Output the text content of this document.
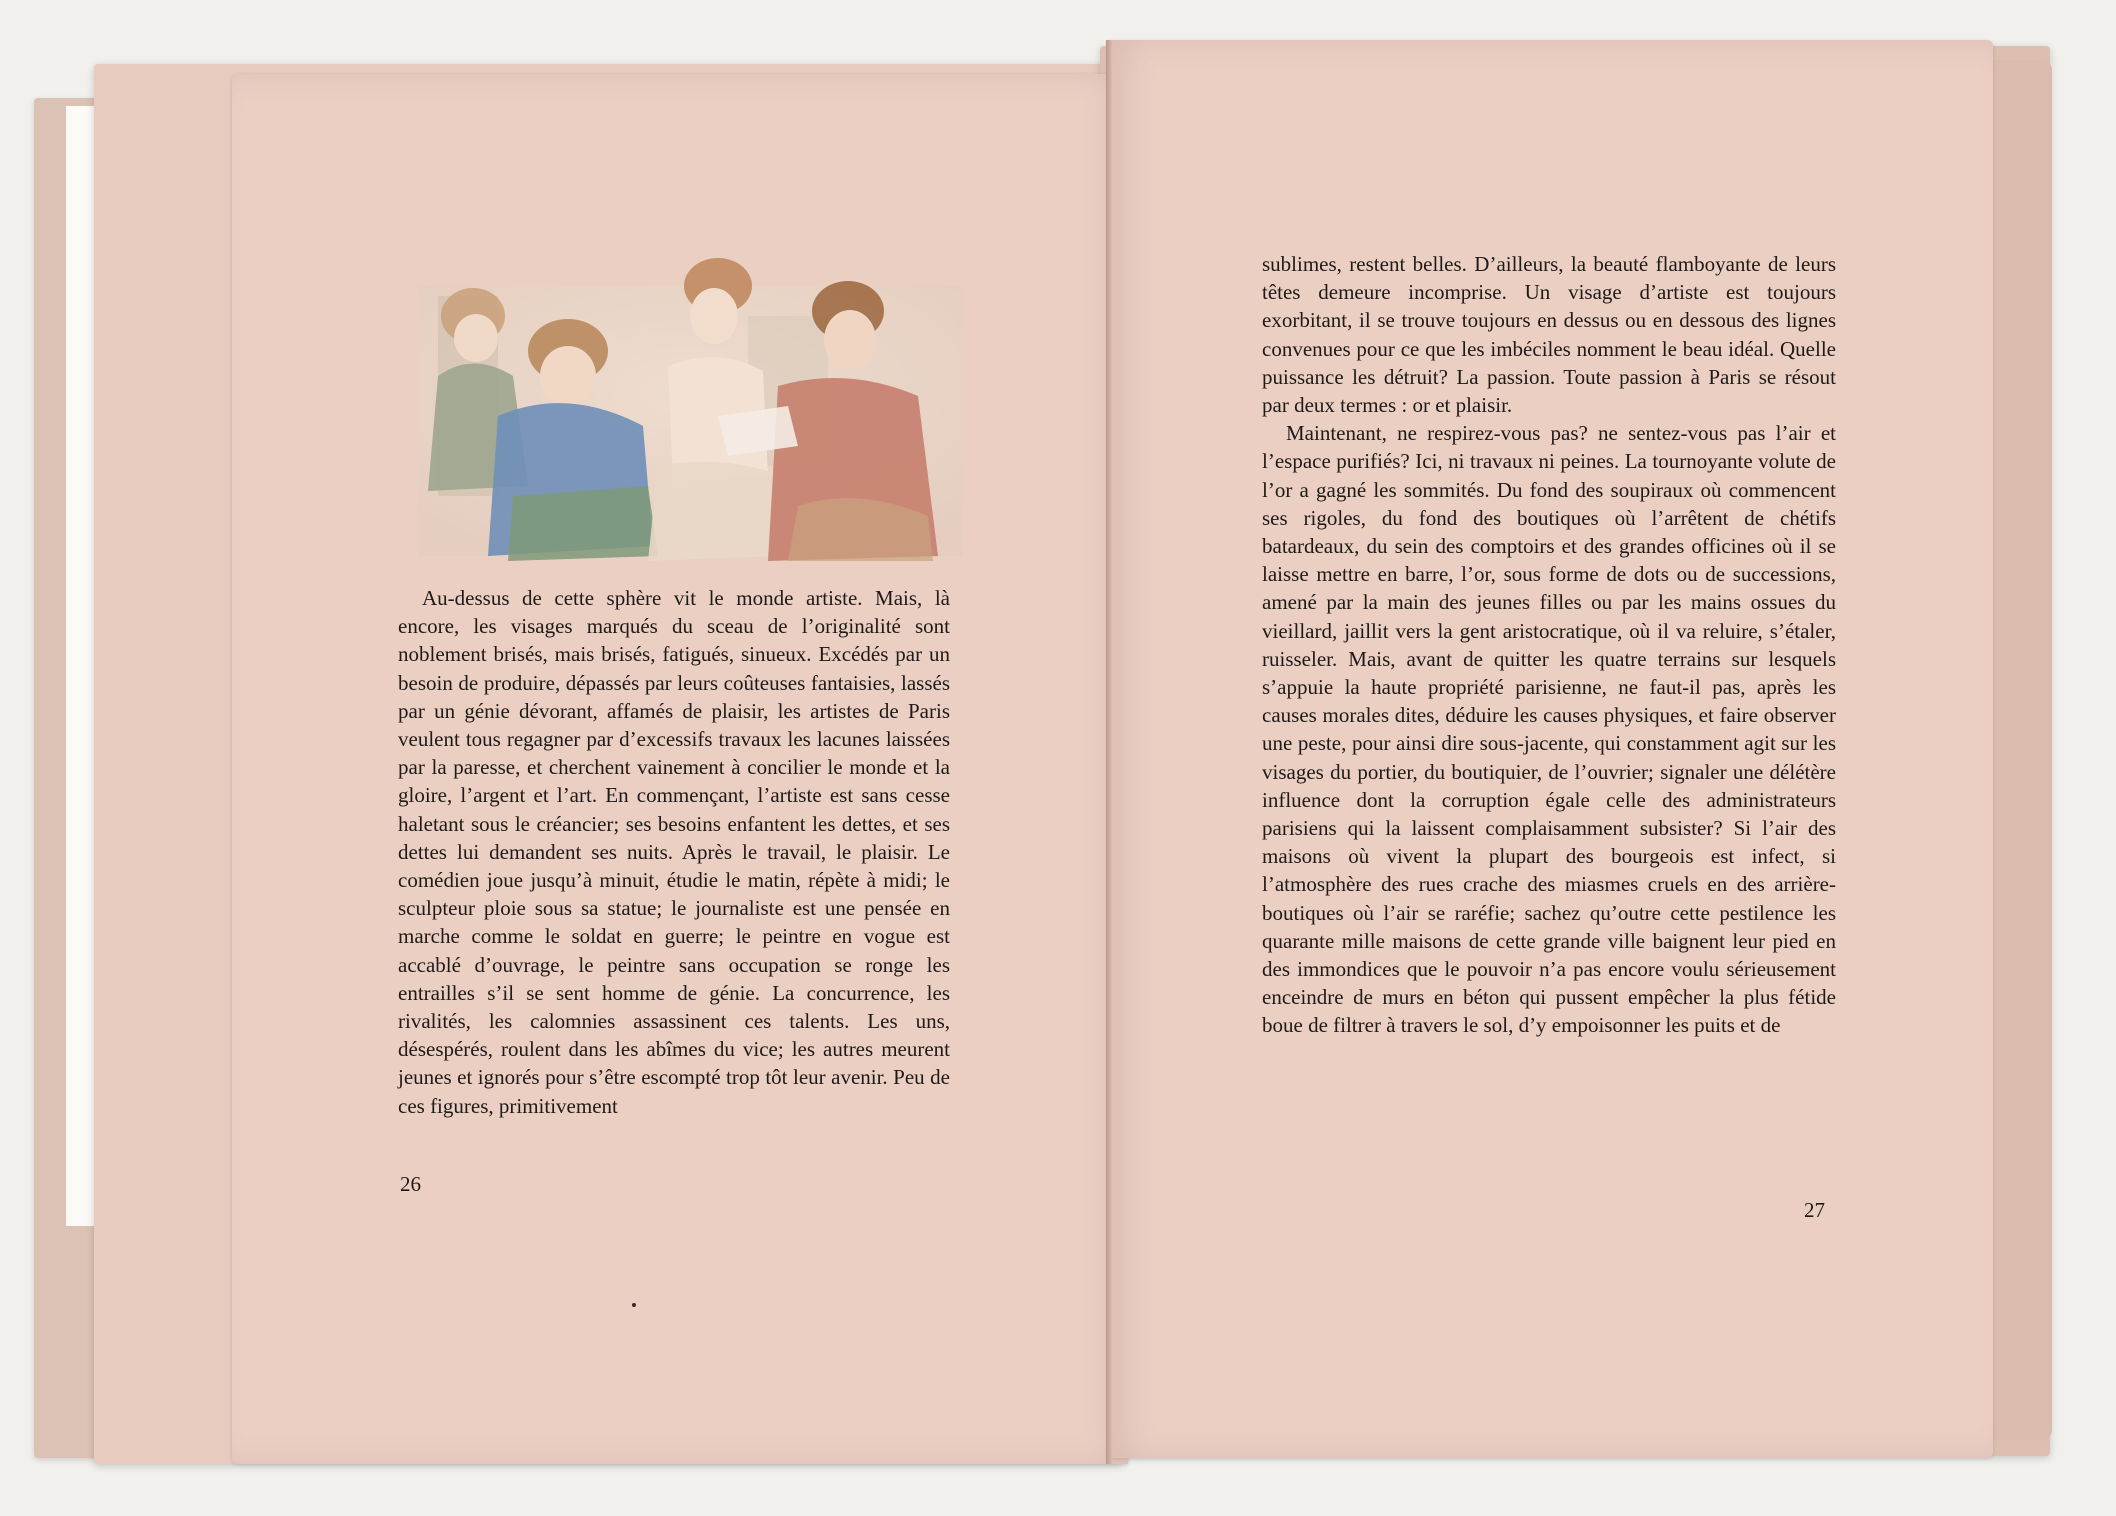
Au-dessus de cette sphère vit le monde artiste. Mais, là encore, les visages marqués du sceau de l’originalité sont noblement brisés, mais brisés, fatigués, sinueux. Excédés par un besoin de produire, dépassés par leurs coûteuses fantaisies, lassés par un génie dévorant, affamés de plaisir, les artistes de Paris veulent tous regagner par d’excessifs travaux les lacunes laissées par la paresse, et cherchent vainement à concilier le monde et la gloire, l’argent et l’art. En commençant, l’artiste est sans cesse haletant sous le créancier; ses besoins enfantent les dettes, et ses dettes lui demandent ses nuits. Après le travail, le plaisir. Le comédien joue jusqu’à minuit, étudie le matin, répète à midi; le sculpteur ploie sous sa statue; le journaliste est une pensée en marche comme le soldat en guerre; le peintre en vogue est accablé d’ouvrage, le peintre sans occupation se ronge les entrailles s’il se sent homme de génie. La concurrence, les rivalités, les calomnies assassinent ces talents. Les uns, désespérés, roulent dans les abîmes du vice; les autres meurent jeunes et ignorés pour s’être escompté trop tôt leur avenir. Peu de ces figures, primitivement

26

sublimes, restent belles. D’ailleurs, la beauté flamboyante de leurs têtes demeure incomprise. Un visage d’artiste est toujours exorbitant, il se trouve toujours en dessus ou en dessous des lignes convenues pour ce que les imbéciles nomment le beau idéal. Quelle puissance les détruit? La passion. Toute passion à Paris se résout par deux termes : or et plaisir.

Maintenant, ne respirez-vous pas? ne sentez-vous pas l’air et l’espace purifiés? Ici, ni travaux ni peines. La tournoyante volute de l’or a gagné les sommités. Du fond des soupiraux où commencent ses rigoles, du fond des boutiques où l’arrêtent de chétifs batardeaux, du sein des comptoirs et des grandes officines où il se laisse mettre en barre, l’or, sous forme de dots ou de successions, amené par la main des jeunes filles ou par les mains ossues du vieillard, jaillit vers la gent aristocratique, où il va reluire, s’étaler, ruisseler. Mais, avant de quitter les quatre terrains sur lesquels s’appuie la haute propriété parisienne, ne faut-il pas, après les causes morales dites, déduire les causes physiques, et faire observer une peste, pour ainsi dire sous-jacente, qui constamment agit sur les visages du portier, du boutiquier, de l’ouvrier; signaler une délétère influence dont la corruption égale celle des administrateurs parisiens qui la laissent complaisamment subsister? Si l’air des maisons où vivent la plupart des bourgeois est infect, si l’atmosphère des rues crache des miasmes cruels en des arrière-boutiques où l’air se raréfie; sachez qu’outre cette pestilence les quarante mille maisons de cette grande ville baignent leur pied en des immondices que le pouvoir n’a pas encore voulu sérieusement enceindre de murs en béton qui pussent empêcher la plus fétide boue de filtrer à travers le sol, d’y empoisonner les puits et de

27
